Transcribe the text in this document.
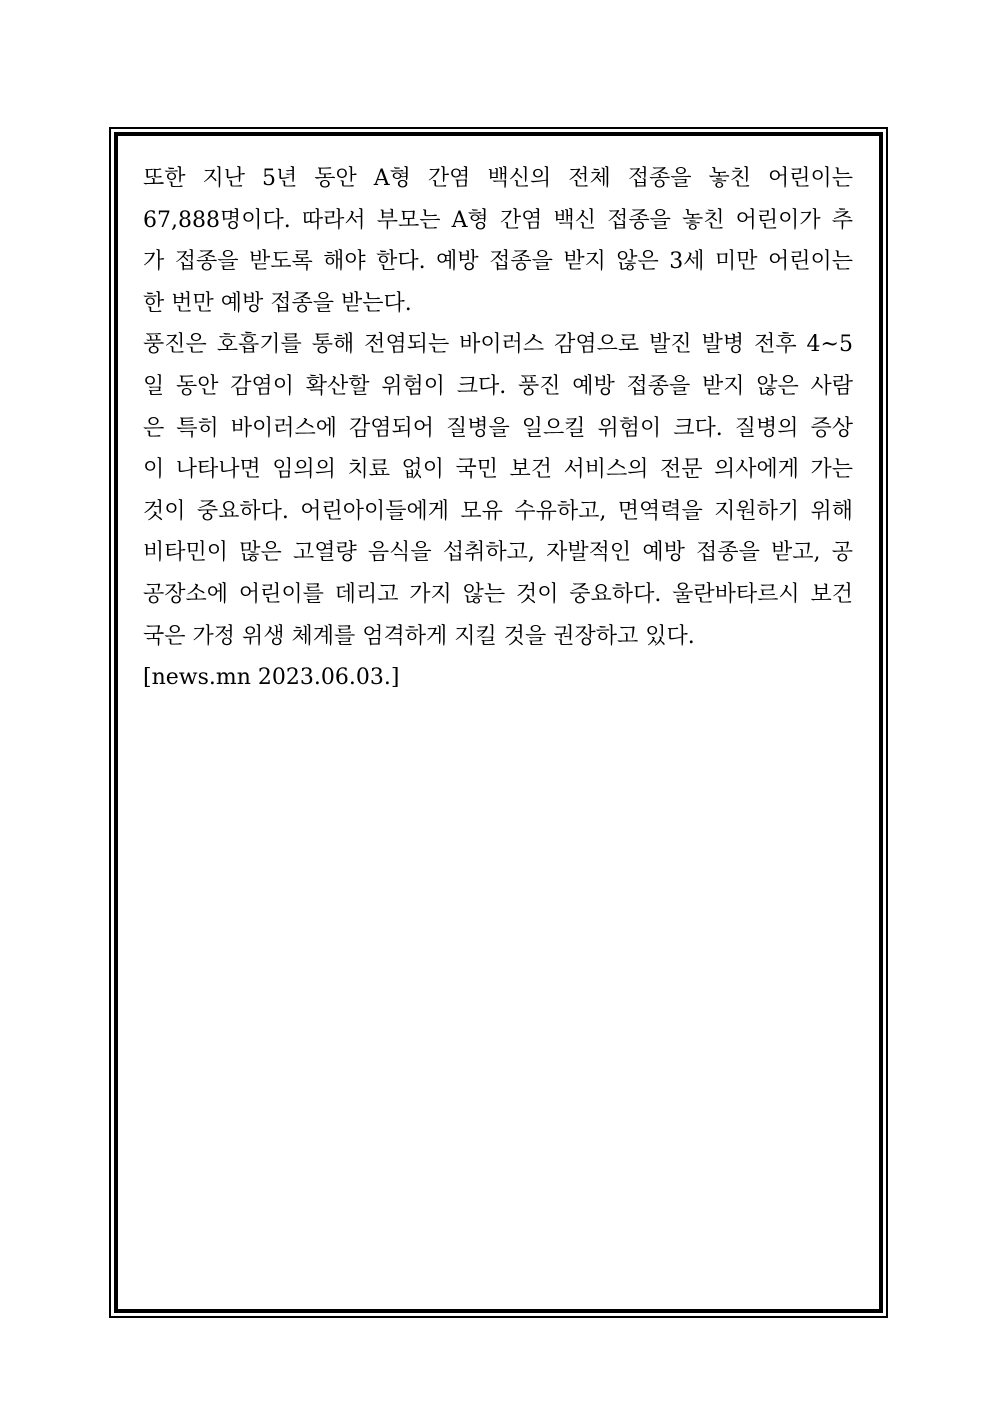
또한 지난 5년 동안 A형 간염 백신의 전체 접종을 놓친 어린이는
67,888명이다. 따라서 부모는 A형 간염 백신 접종을 놓친 어린이가 추
가 접종을 받도록 해야 한다. 예방 접종을 받지 않은 3세 미만 어린이는
한 번만 예방 접종을 받는다.
풍진은 호흡기를 통해 전염되는 바이러스 감염으로 발진 발병 전후 4~5
일 동안 감염이 확산할 위험이 크다. 풍진 예방 접종을 받지 않은 사람
은 특히 바이러스에 감염되어 질병을 일으킬 위험이 크다. 질병의 증상
이 나타나면 임의의 치료 없이 국민 보건 서비스의 전문 의사에게 가는
것이 중요하다. 어린아이들에게 모유 수유하고, 면역력을 지원하기 위해
비타민이 많은 고열량 음식을 섭취하고, 자발적인 예방 접종을 받고, 공
공장소에 어린이를 데리고 가지 않는 것이 중요하다. 울란바타르시 보건
국은 가정 위생 체계를 엄격하게 지킬 것을 권장하고 있다.
[news.mn 2023.06.03.]
